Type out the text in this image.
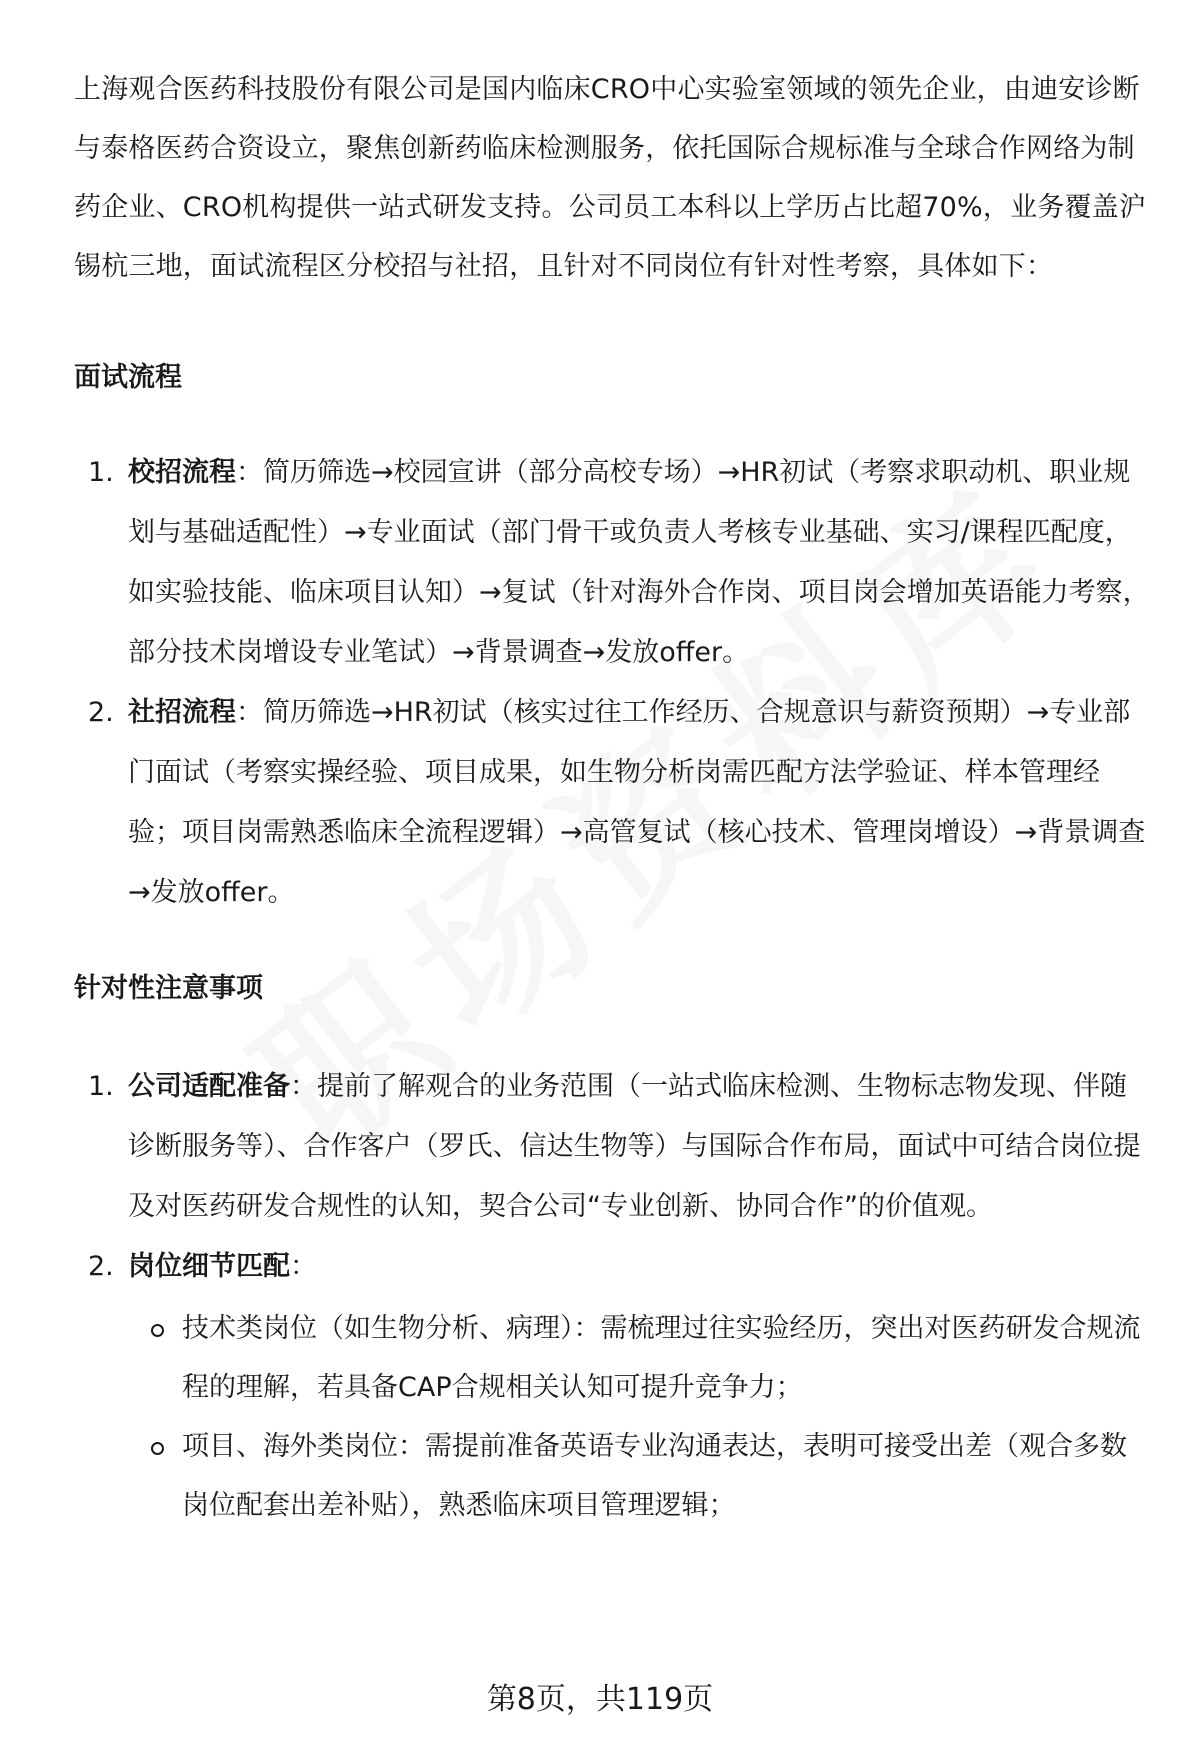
上海观合医药科技股份有限公司是国内临床CRO中心实验室领域的领先企业，由迪安诊断与泰格医药合资设立，聚焦创新药临床检测服务，依托国际合规标准与全球合作网络为制药企业、CRO机构提供一站式研发支持。公司员工本科以上学历占比超70%，业务覆盖沪锡杭三地，面试流程区分校招与社招，且针对不同岗位有针对性考察，具体如下：

面试流程
1. 校招流程：简历筛选→校园宣讲（部分高校专场）→HR初试（考察求职动机、职业规划与基础适配性）→专业面试（部门骨干或负责人考核专业基础、实习/课程匹配度，如实验技能、临床项目认知）→复试（针对海外合作岗、项目岗会增加英语能力考察，部分技术岗增设专业笔试）→背景调查→发放offer。
2. 社招流程：简历筛选→HR初试（核实过往工作经历、合规意识与薪资预期）→专业部门面试（考察实操经验、项目成果，如生物分析岗需匹配方法学验证、样本管理经验；项目岗需熟悉临床全流程逻辑）→高管复试（核心技术、管理岗增设）→背景调查→发放offer。
针对性注意事项
1. 公司适配准备：提前了解观合的业务范围（一站式临床检测、生物标志物发现、伴随诊断服务等）、合作客户（罗氏、信达生物等）与国际合作布局，面试中可结合岗位提及对医药研发合规性的认知，契合公司“专业创新、协同合作”的价值观。
2. 岗位细节匹配：
技术类岗位（如生物分析、病理）：需梳理过往实验经历，突出对医药研发合规流程的理解，若具备CAP合规相关认知可提升竞争力；
项目、海外类岗位：需提前准备英语专业沟通表达，表明可接受出差（观合多数岗位配套出差补贴），熟悉临床项目管理逻辑；
第8页，共119页
